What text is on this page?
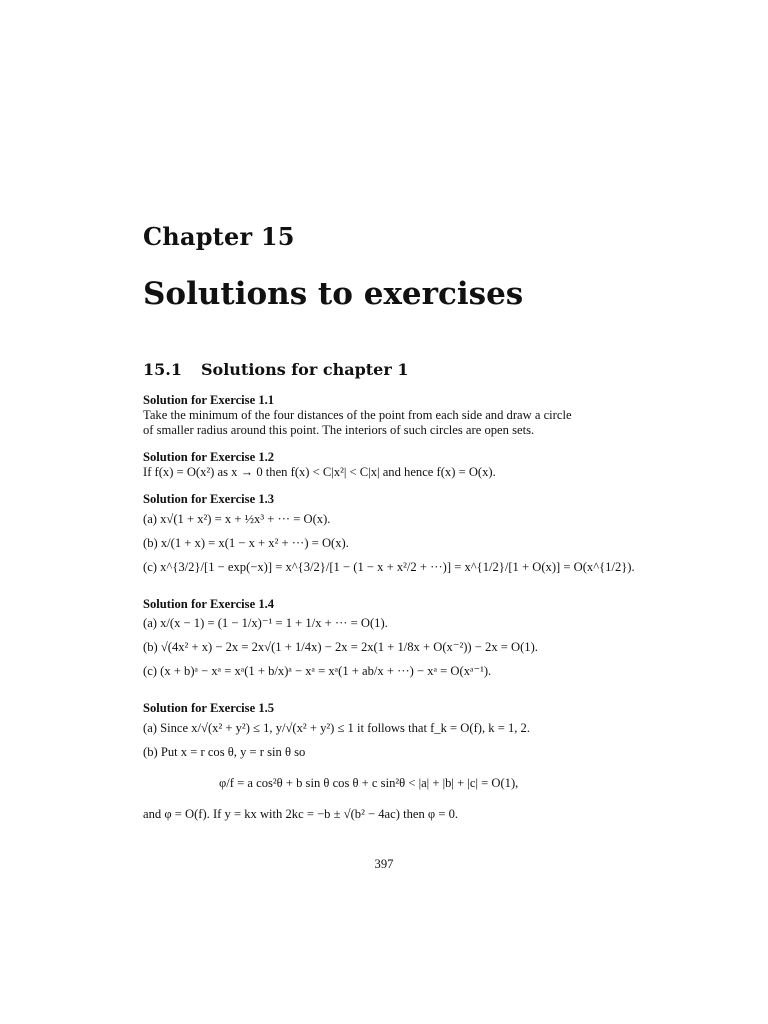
Chapter 15
Solutions to exercises
15.1 Solutions for chapter 1
Solution for Exercise 1.1
Take the minimum of the four distances of the point from each side and draw a circle
of smaller radius around this point. The interiors of such circles are open sets.
Solution for Exercise 1.2
If f(x) = O(x²) as x → 0 then f(x) < C|x²| < C|x| and hence f(x) = O(x).
Solution for Exercise 1.3
(a) x√(1 + x²) = x + ½x³ + ··· = O(x).
(b) x/(1 + x) = x(1 − x + x² + ···) = O(x).
(c) x^{3/2}/[1 − exp(−x)] = x^{3/2}/[1 − (1 − x + x²/2 + ···)] = x^{1/2}/[1 + O(x)] = O(x^{1/2}).
Solution for Exercise 1.4
(a) x/(x − 1) = (1 − 1/x)⁻¹ = 1 + 1/x + ··· = O(1).
(b) √(4x² + x) − 2x = 2x√(1 + 1/4x) − 2x = 2x(1 + 1/8x + O(x⁻²)) − 2x = O(1).
(c) (x + b)ᵃ − xᵃ = xᵃ(1 + b/x)ᵃ − xᵃ = xᵃ(1 + ab/x + ···) − xᵃ = O(xᵃ⁻¹).
Solution for Exercise 1.5
(a) Since x/√(x² + y²) ≤ 1, y/√(x² + y²) ≤ 1 it follows that f_k = O(f), k = 1, 2.
(b) Put x = r cos θ, y = r sin θ so
φ/f = a cos²θ + b sin θ cos θ + c sin²θ < |a| + |b| + |c| = O(1),
and φ = O(f). If y = kx with 2kc = −b ± √(b² − 4ac) then φ = 0.
397
